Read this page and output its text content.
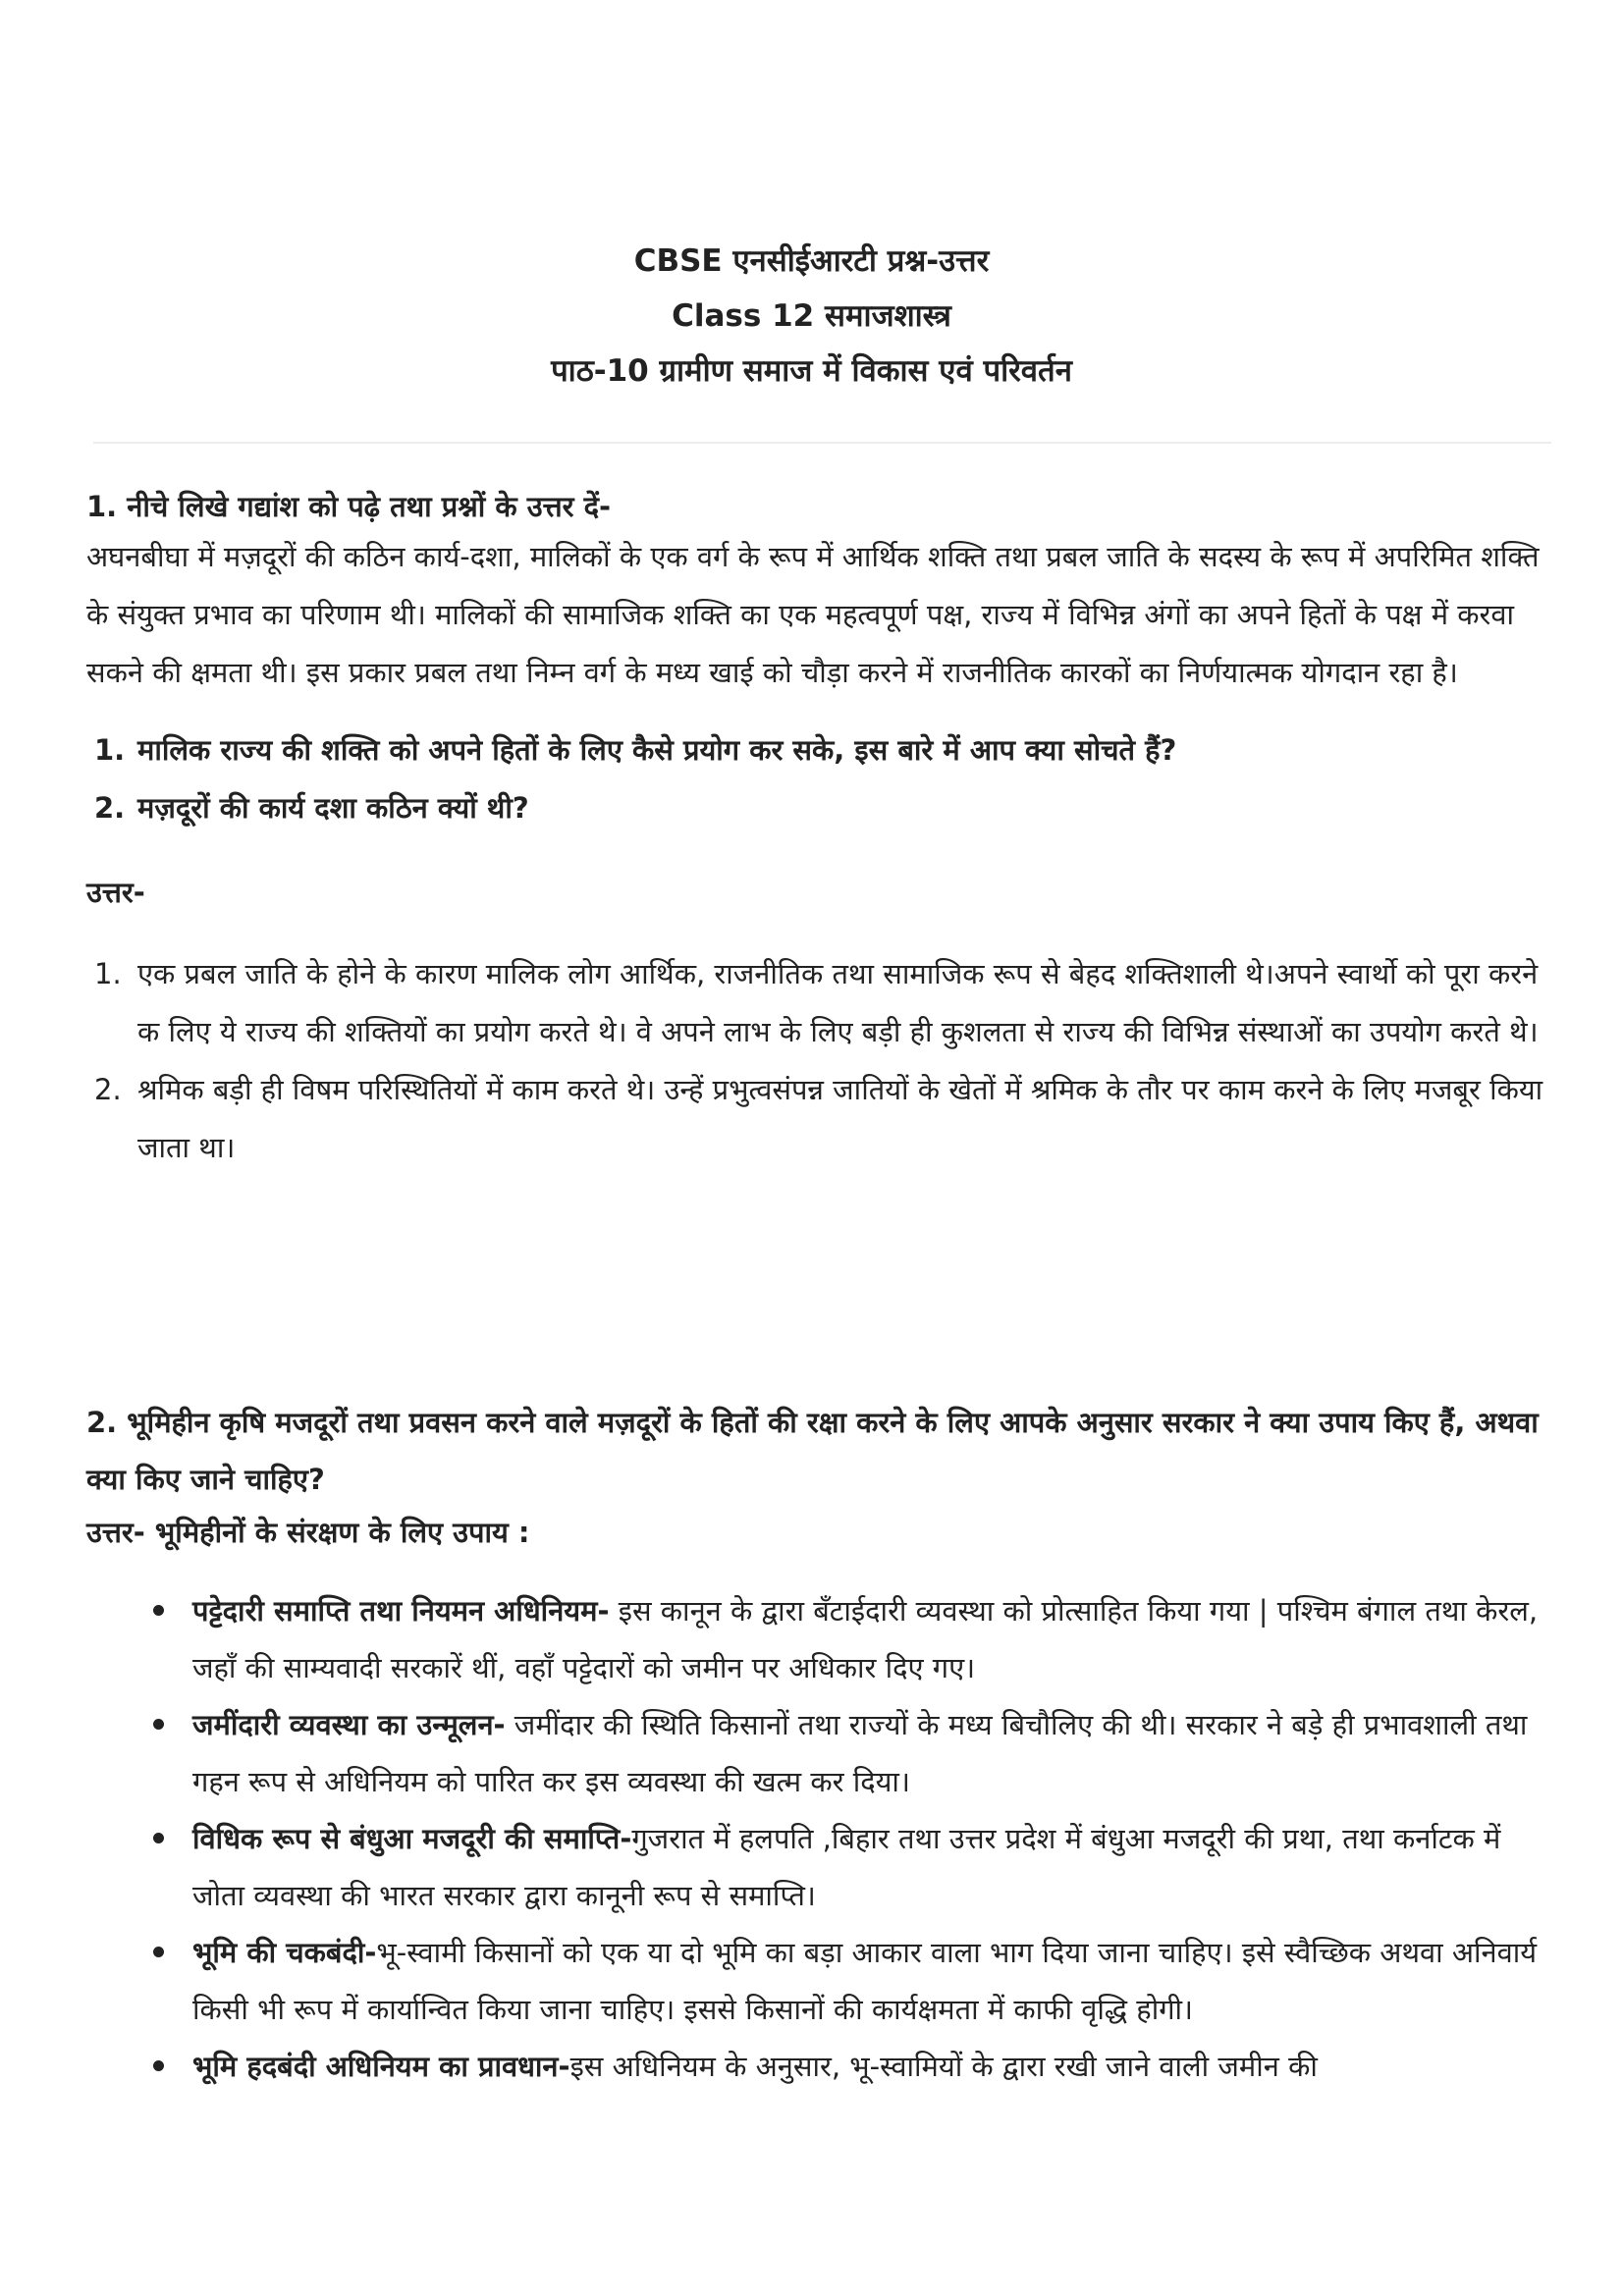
CBSE एनसीईआरटी प्रश्न-उत्तर
Class 12 समाजशास्त्र
पाठ-10 ग्रामीण समाज में विकास एवं परिवर्तन
1. नीचे लिखे गद्यांश को पढ़े तथा प्रश्नों के उत्तर दें-

अघनबीघा में मज़दूरों की कठिन कार्य-दशा, मालिकों के एक वर्ग के रूप में आर्थिक शक्ति तथा प्रबल जाति के सदस्य के रूप में अपरिमित शक्ति के संयुक्त प्रभाव का परिणाम थी। मालिकों की सामाजिक शक्ति का एक महत्वपूर्ण पक्ष, राज्य में विभिन्न अंगों का अपने हितों के पक्ष में करवा सकने की क्षमता थी। इस प्रकार प्रबल तथा निम्न वर्ग के मध्य खाई को चौड़ा करने में राजनीतिक कारकों का निर्णयात्मक योगदान रहा है।

1. मालिक राज्य की शक्ति को अपने हितों के लिए कैसे प्रयोग कर सके, इस बारे में आप क्या सोचते हैं?
2. मज़दूरों की कार्य दशा कठिन क्यों थी?
उत्तर-
1. एक प्रबल जाति के होने के कारण मालिक लोग आर्थिक, राजनीतिक तथा सामाजिक रूप से बेहद शक्तिशाली थे।अपने स्वार्थो को पूरा करने क लिए ये राज्य की शक्तियों का प्रयोग करते थे। वे अपने लाभ के लिए बड़ी ही कुशलता से राज्य की विभिन्न संस्थाओं का उपयोग करते थे।
2. श्रमिक बड़ी ही विषम परिस्थितियों में काम करते थे। उन्हें प्रभुत्वसंपन्न जातियों के खेतों में श्रमिक के तौर पर काम करने के लिए मजबूर किया जाता था।
2. भूमिहीन कृषि मजदूरों तथा प्रवसन करने वाले मज़दूरों के हितों की रक्षा करने के लिए आपके अनुसार सरकार ने क्या उपाय किए हैं, अथवा क्या किए जाने चाहिए?
उत्तर- भूमिहीनों के संरक्षण के लिए उपाय :
पट्टेदारी समाप्ति तथा नियमन अधिनियम- इस कानून के द्वारा बँटाईदारी व्यवस्था को प्रोत्साहित किया गया | पश्चिम बंगाल तथा केरल, जहाँ की साम्यवादी सरकारें थीं, वहाँ पट्टेदारों को जमीन पर अधिकार दिए गए।
जमींदारी व्यवस्था का उन्मूलन- जमींदार की स्थिति किसानों तथा राज्यों के मध्य बिचौलिए की थी। सरकार ने बड़े ही प्रभावशाली तथा गहन रूप से अधिनियम को पारित कर इस व्यवस्था की खत्म कर दिया।
विधिक रूप से बंधुआ मजदूरी की समाप्ति-गुजरात में हलपति ,बिहार तथा उत्तर प्रदेश में बंधुआ मजदूरी की प्रथा, तथा कर्नाटक में जोता व्यवस्था की भारत सरकार द्वारा कानूनी रूप से समाप्ति।
भूमि की चकबंदी-भू-स्वामी किसानों को एक या दो भूमि का बड़ा आकार वाला भाग दिया जाना चाहिए। इसे स्वैच्छिक अथवा अनिवार्य किसी भी रूप में कार्यान्वित किया जाना चाहिए। इससे किसानों की कार्यक्षमता में काफी वृद्धि होगी।
भूमि हदबंदी अधिनियम का प्रावधान-इस अधिनियम के अनुसार, भू-स्वामियों के द्वारा रखी जाने वाली जमीन की
